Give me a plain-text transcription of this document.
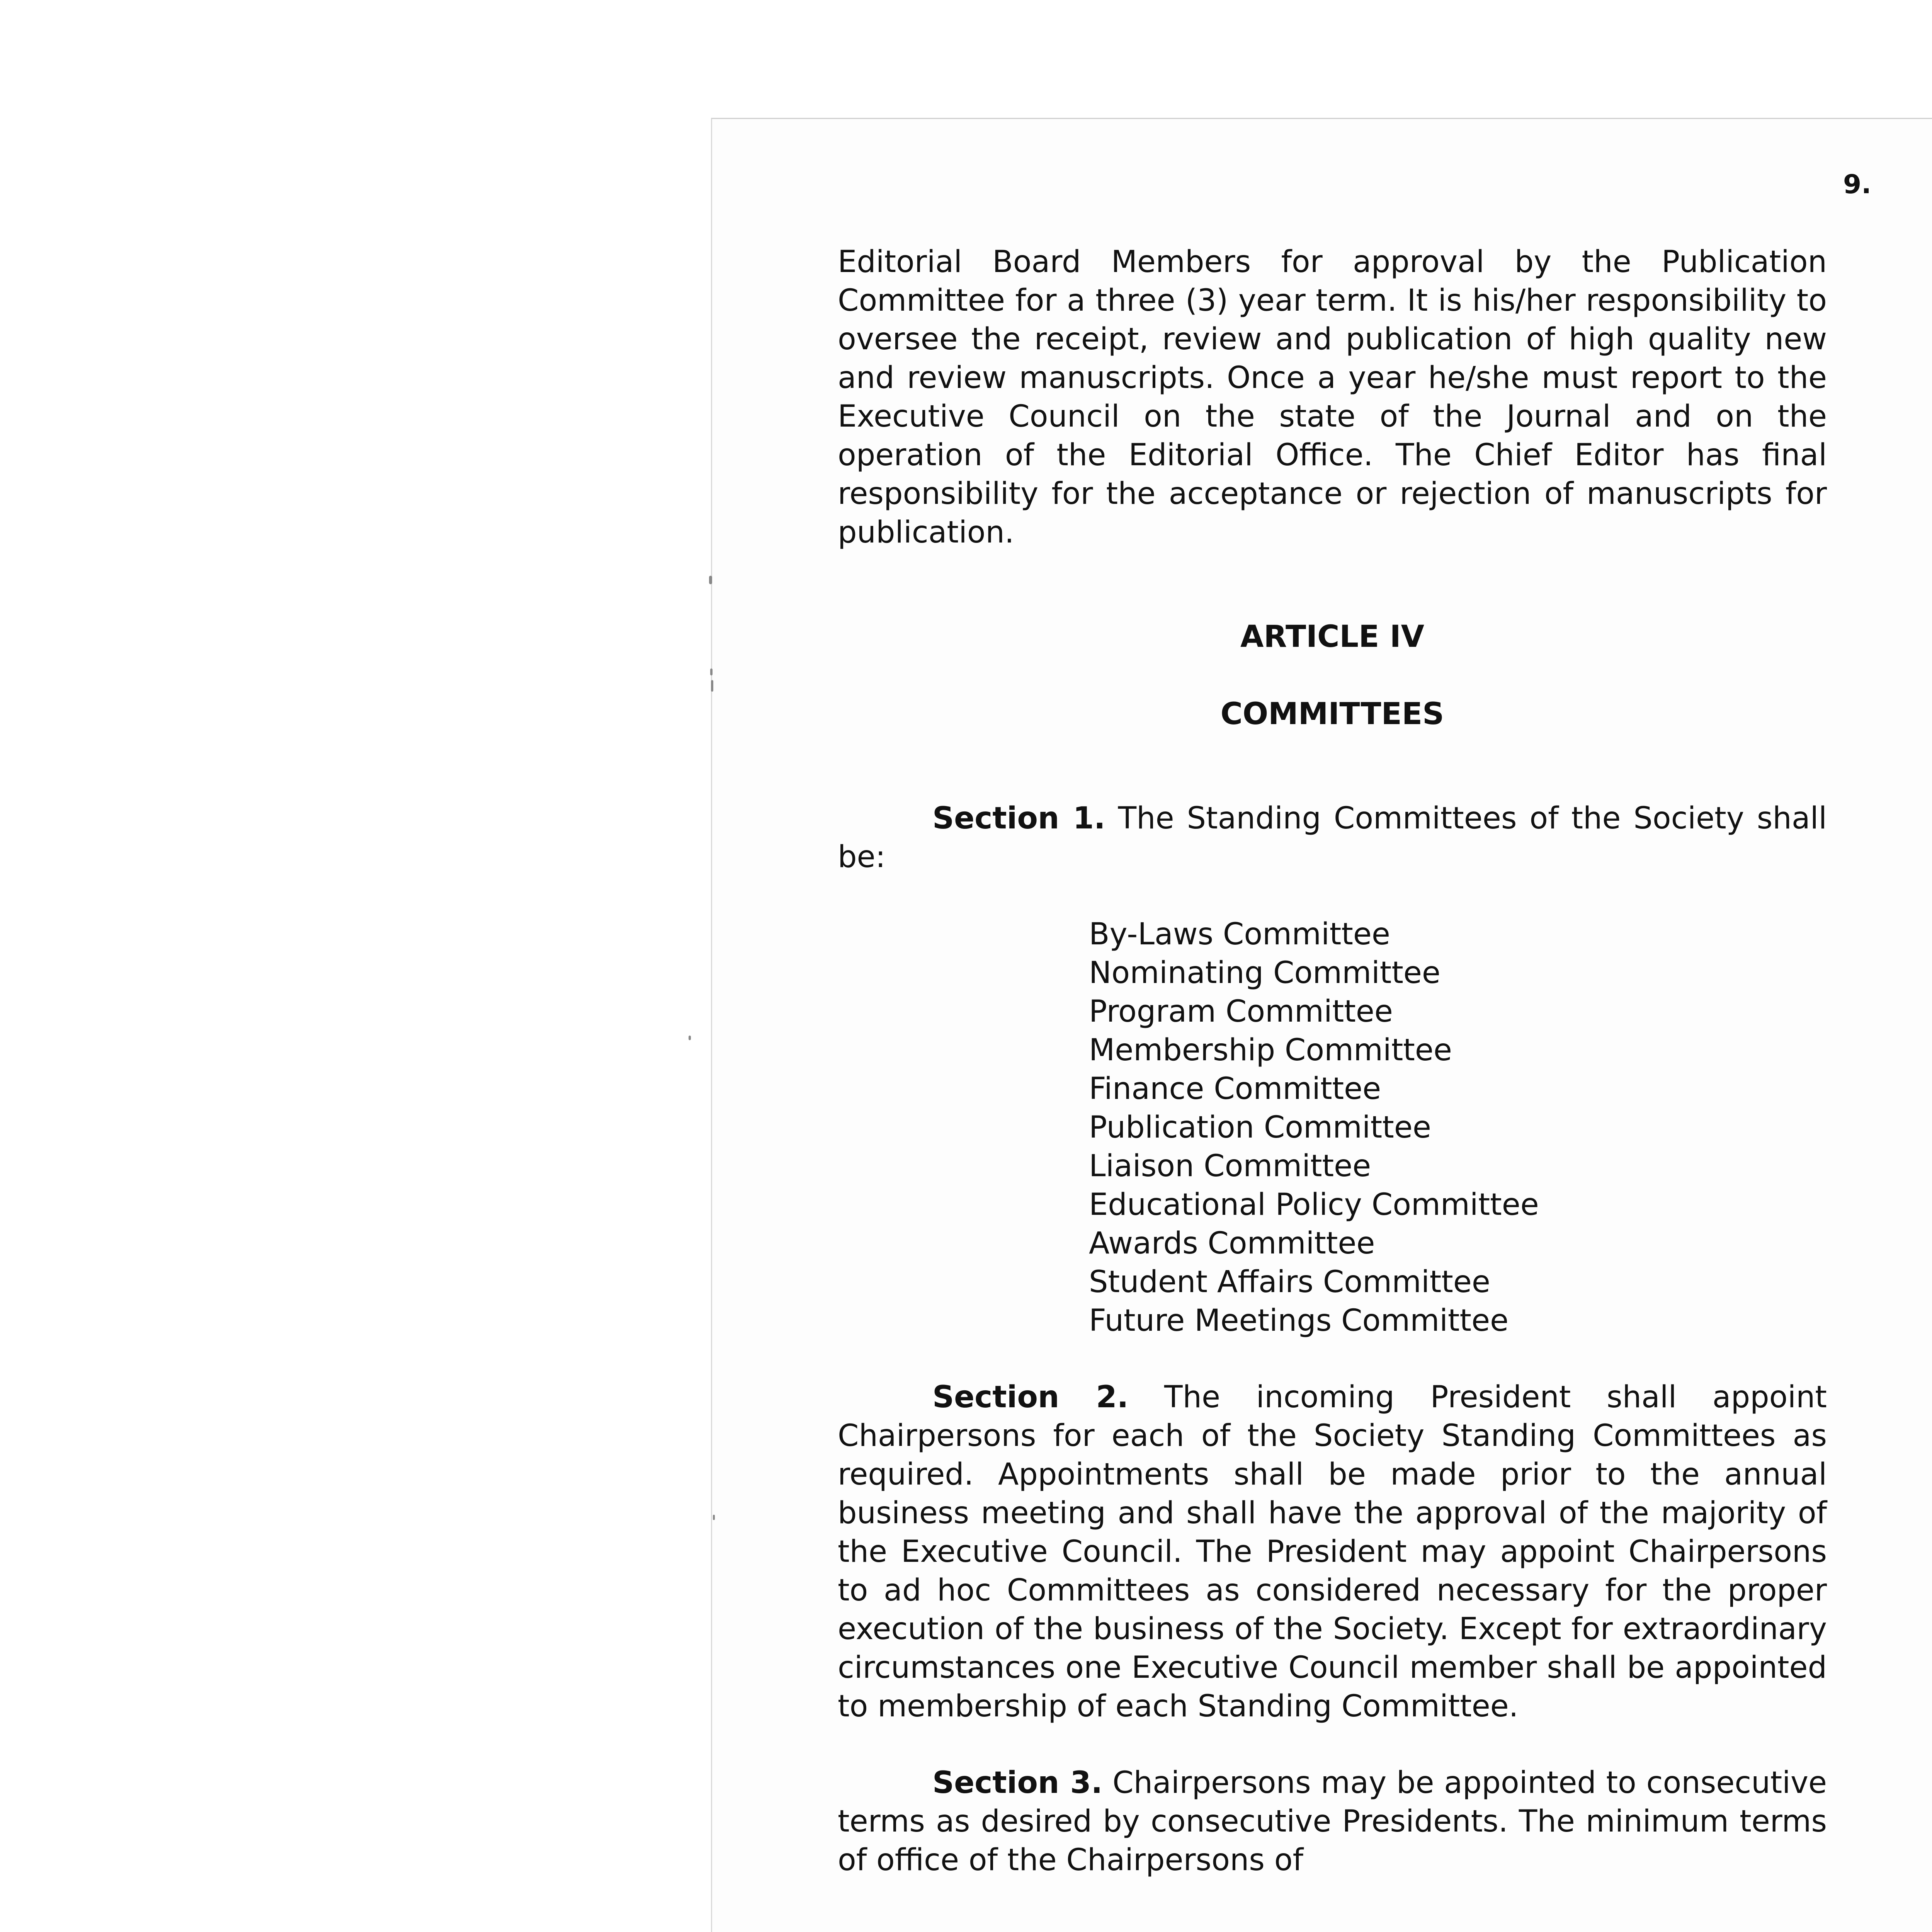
9.

Editorial Board Members for approval by the Publication Committee for a three (3) year term. It is his/her responsibility to oversee the receipt, review and publication of high quality new and review manuscripts. Once a year he/she must report to the Executive Council on the state of the Journal and on the operation of the Editorial Office. The Chief Editor has final responsibility for the acceptance or rejection of manuscripts for publication.

ARTICLE IV

COMMITTEES

Section 1. The Standing Committees of the Society shall be:

By-Laws Committee
Nominating Committee
Program Committee
Membership Committee
Finance Committee
Publication Committee
Liaison Committee
Educational Policy Committee
Awards Committee
Student Affairs Committee
Future Meetings Committee

Section 2. The incoming President shall appoint Chairpersons for each of the Society Standing Committees as required. Appointments shall be made prior to the annual business meeting and shall have the approval of the majority of the Executive Council. The President may appoint Chairpersons to ad hoc Committees as considered necessary for the proper execution of the business of the Society. Except for extraordinary circumstances one Executive Council member shall be appointed to membership of each Standing Committee.

Section 3. Chairpersons may be appointed to consecutive terms as desired by consecutive Presidents. The minimum terms of office of the Chairpersons of
